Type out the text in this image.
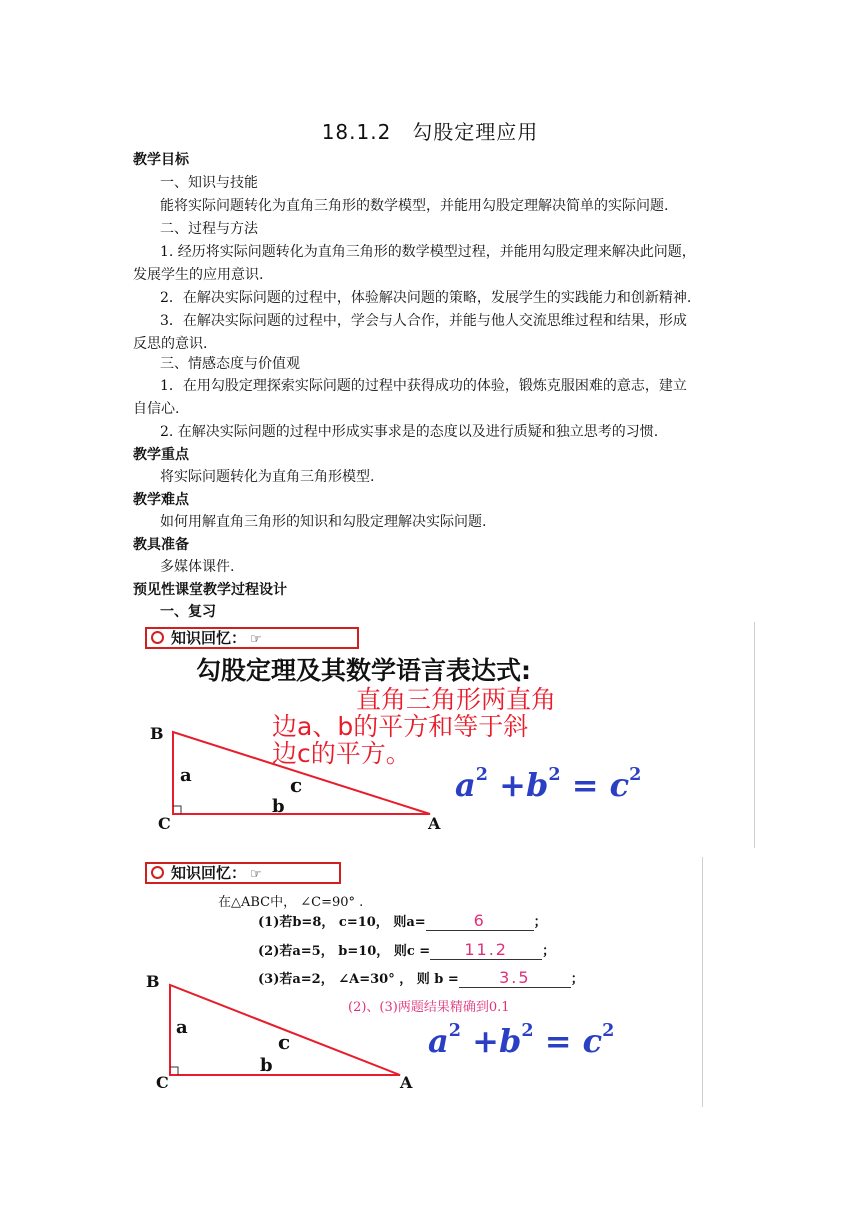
18.1.2　勾股定理应用
教学目标
一、知识与技能
能将实际问题转化为直角三角形的数学模型，并能用勾股定理解决简单的实际问题.
二、过程与方法
1. 经历将实际问题转化为直角三角形的数学模型过程，并能用勾股定理来解决此问题，
发展学生的应用意识.
2．在解决实际问题的过程中，体验解决问题的策略，发展学生的实践能力和创新精神.
3．在解决实际问题的过程中，学会与人合作，并能与他人交流思维过程和结果，形成
反思的意识.
三、情感态度与价值观
1．在用勾股定理探索实际问题的过程中获得成功的体验，锻炼克服困难的意志，建立
自信心.
2. 在解决实际问题的过程中形成实事求是的态度以及进行质疑和独立思考的习惯.
教学重点
将实际问题转化为直角三角形模型.
教学难点
如何用解直角三角形的知识和勾股定理解决实际问题.
教具准备
多媒体课件.
预见性课堂教学过程设计
一、复习
知识回忆： ☞
勾股定理及其数学语言表达式:
直角三角形两直角
边a、b的平方和等于斜
边c的平方。
B
C	A
a
b
c	$a^2 +b^2 = c^2$
知识回忆： ☞
在△ABC中， ∠C=90° .
(1)若b=8， c=10， 则a=	6	；
(2)若a=5， b=10， 则c = 11.2	；
(3)若a=2， ∠A=30° ， 则 b =	3.5	；
(2)、(3)两题结果精确到0.1
B
C	A
a
b
c	$a^2 +b^2 = c^2$
